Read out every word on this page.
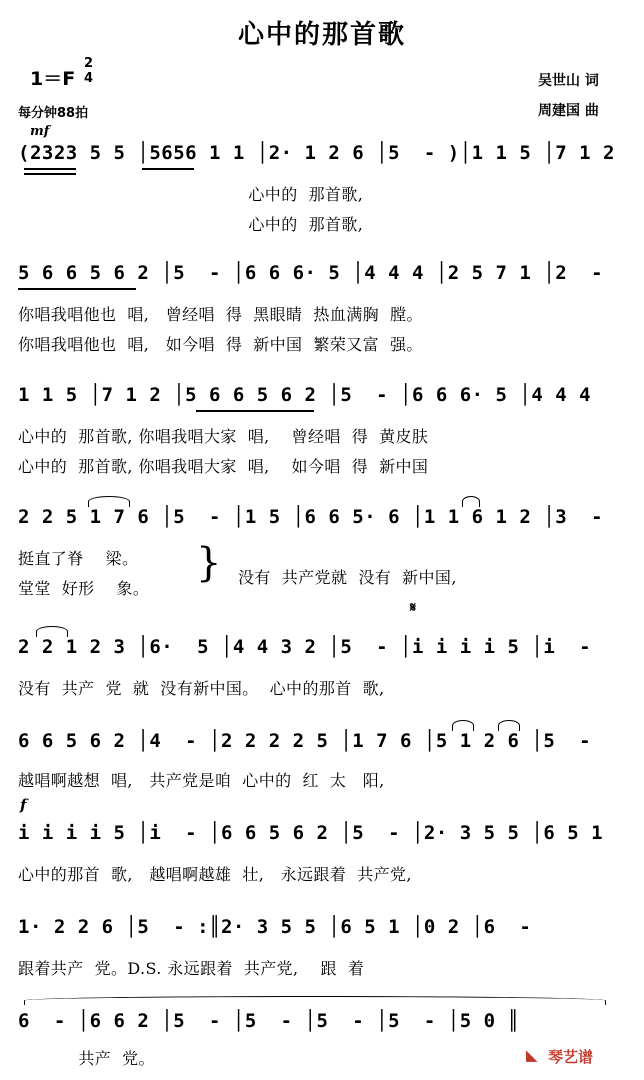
心中的那首歌
1＝F
2
4
每分钟88拍
吴世山 词
周建国 曲
mf
(2323 5 5 │5656 1 1 │2· 1 2 6 │5  - )│1 1 5 │7 1 2
心中的  那首歌,
心中的  那首歌,
5 6 6 5 6 2 │5  - │6 6 6· 5 │4 4 4 │2 5 7 1 │2  -
你唱我唱他也  唱,   曾经唱  得  黑眼睛  热血满胸  膛。
你唱我唱他也  唱,   如今唱  得  新中国  繁荣又富  强。
1 1 5 │7 1 2 │5 6 6 5 6 2 │5  - │6 6 6· 5 │4 4 4
心中的  那首歌, 你唱我唱大家  唱,    曾经唱  得  黄皮肤
心中的  那首歌, 你唱我唱大家  唱,    如今唱  得  新中国
2 2 5 1 7 6 │5  - │1 5 │6 6 5· 6 │1 1 6 1 2 │3  -
挺直了脊    梁。
堂堂  好形    象。
} 没有  共产党就  没有  新中国,
𝄋
2 2 1 2 3 │6·  5 │4 4 3 2 │5  - │i i i i 5 │i  -
没有  共产  党  就  没有新中国。  心中的那首  歌,
6 6 5 6 2 │4  - │2 2 2 2 5 │1 7 6 │5 1 2 6 │5  -
越唱啊越想  唱,   共产党是咱  心中的  红  太   阳,
f
i i i i 5 │i  - │6 6 5 6 2 │5  - │2· 3 5 5 │6 5 1
心中的那首  歌,   越唱啊越雄  壮,   永远跟着  共产党,
1· 2 2 6 │5  - :║2· 3 5 5 │6 5 1 │0 2 │6  -
跟着共产  党。D.S. 永远跟着  共产党,    跟  着
6  - │6 6 2 │5  - │5  - │5  - │5  - │5 0 ║
共产  党。	◣ 琴艺谱
